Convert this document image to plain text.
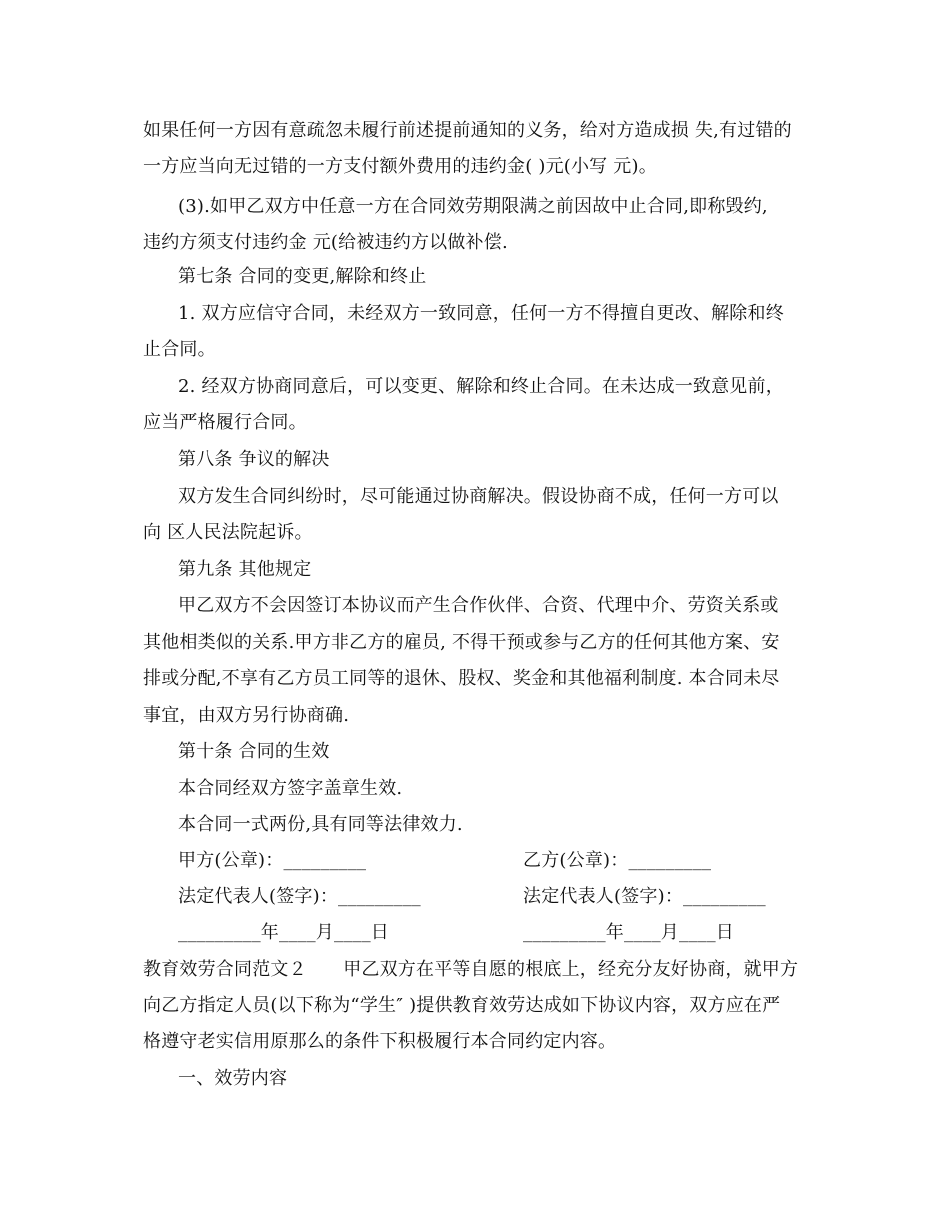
如果任何一方因有意疏忽未履行前述提前通知的义务，给对方造成损 失,有过错的
一方应当向无过错的一方支付额外费用的违约金( )元(小写 元)。
(3).如甲乙双方中任意一方在合同效劳期限满之前因故中止合同,即称毁约,
违约方须支付违约金 元(给被违约方以做补偿.
第七条 合同的变更,解除和终止
1. 双方应信守合同，未经双方一致同意，任何一方不得擅自更改、解除和终
止合同。
2. 经双方协商同意后，可以变更、解除和终止合同。在未达成一致意见前，
应当严格履行合同。
第八条 争议的解决
双方发生合同纠纷时，尽可能通过协商解决。假设协商不成，任何一方可以
向 区人民法院起诉。
第九条 其他规定
甲乙双方不会因签订本协议而产生合作伙伴、合资、代理中介、劳资关系或
其他相类似的关系.甲方非乙方的雇员, 不得干预或参与乙方的任何其他方案、安
排或分配,不享有乙方员工同等的退休、股权、奖金和其他福利制度. 本合同未尽
事宜，由双方另行协商确.
第十条 合同的生效
本合同经双方签字盖章生效.
本合同一式两份,具有同等法律效力.
甲方(公章)：_________	乙方(公章)：_________
法定代表人(签字)：_________	法定代表人(签字)：_________
_________年____月____日	_________年____月____日
教育效劳合同范文２　　甲乙双方在平等自愿的根底上，经充分友好协商，就甲方
向乙方指定人员(以下称为“学生″ )提供教育效劳达成如下协议内容，双方应在严
格遵守老实信用原那么的条件下积极履行本合同约定内容。
一、效劳内容
